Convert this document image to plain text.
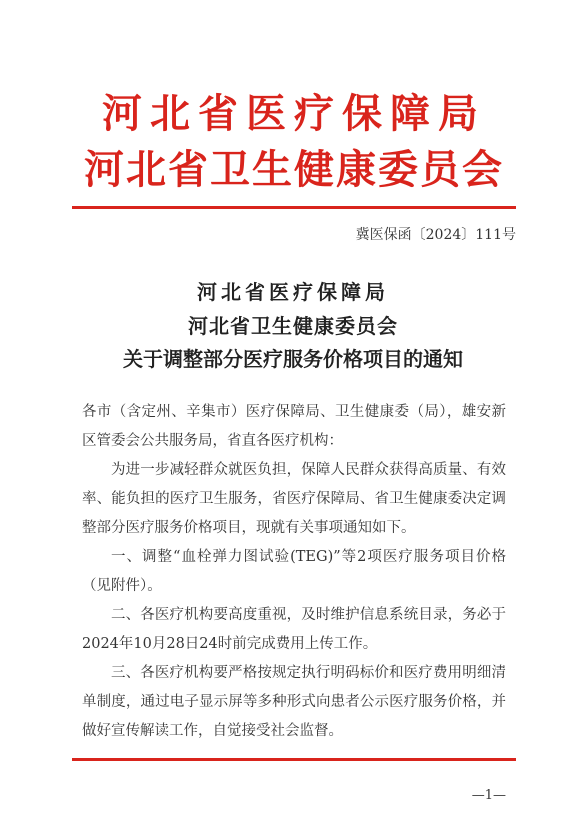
河北省医疗保障局
河北省卫生健康委员会
冀医保函〔2024〕111号
河北省医疗保障局
河北省卫生健康委员会
关于调整部分医疗服务价格项目的通知

各市（含定州、辛集市）医疗保障局、卫生健康委（局），雄安新区管委会公共服务局，省直各医疗机构：

为进一步减轻群众就医负担，保障人民群众获得高质量、有效率、能负担的医疗卫生服务，省医疗保障局、省卫生健康委决定调整部分医疗服务价格项目，现就有关事项通知如下。

一、调整“血栓弹力图试验(TEG)”等2项医疗服务项目价格（见附件）。

二、各医疗机构要高度重视，及时维护信息系统目录，务必于2024年10月28日24时前完成费用上传工作。

三、各医疗机构要严格按规定执行明码标价和医疗费用明细清单制度，通过电子显示屏等多种形式向患者公示医疗服务价格，并做好宣传解读工作，自觉接受社会监督。

—1—
